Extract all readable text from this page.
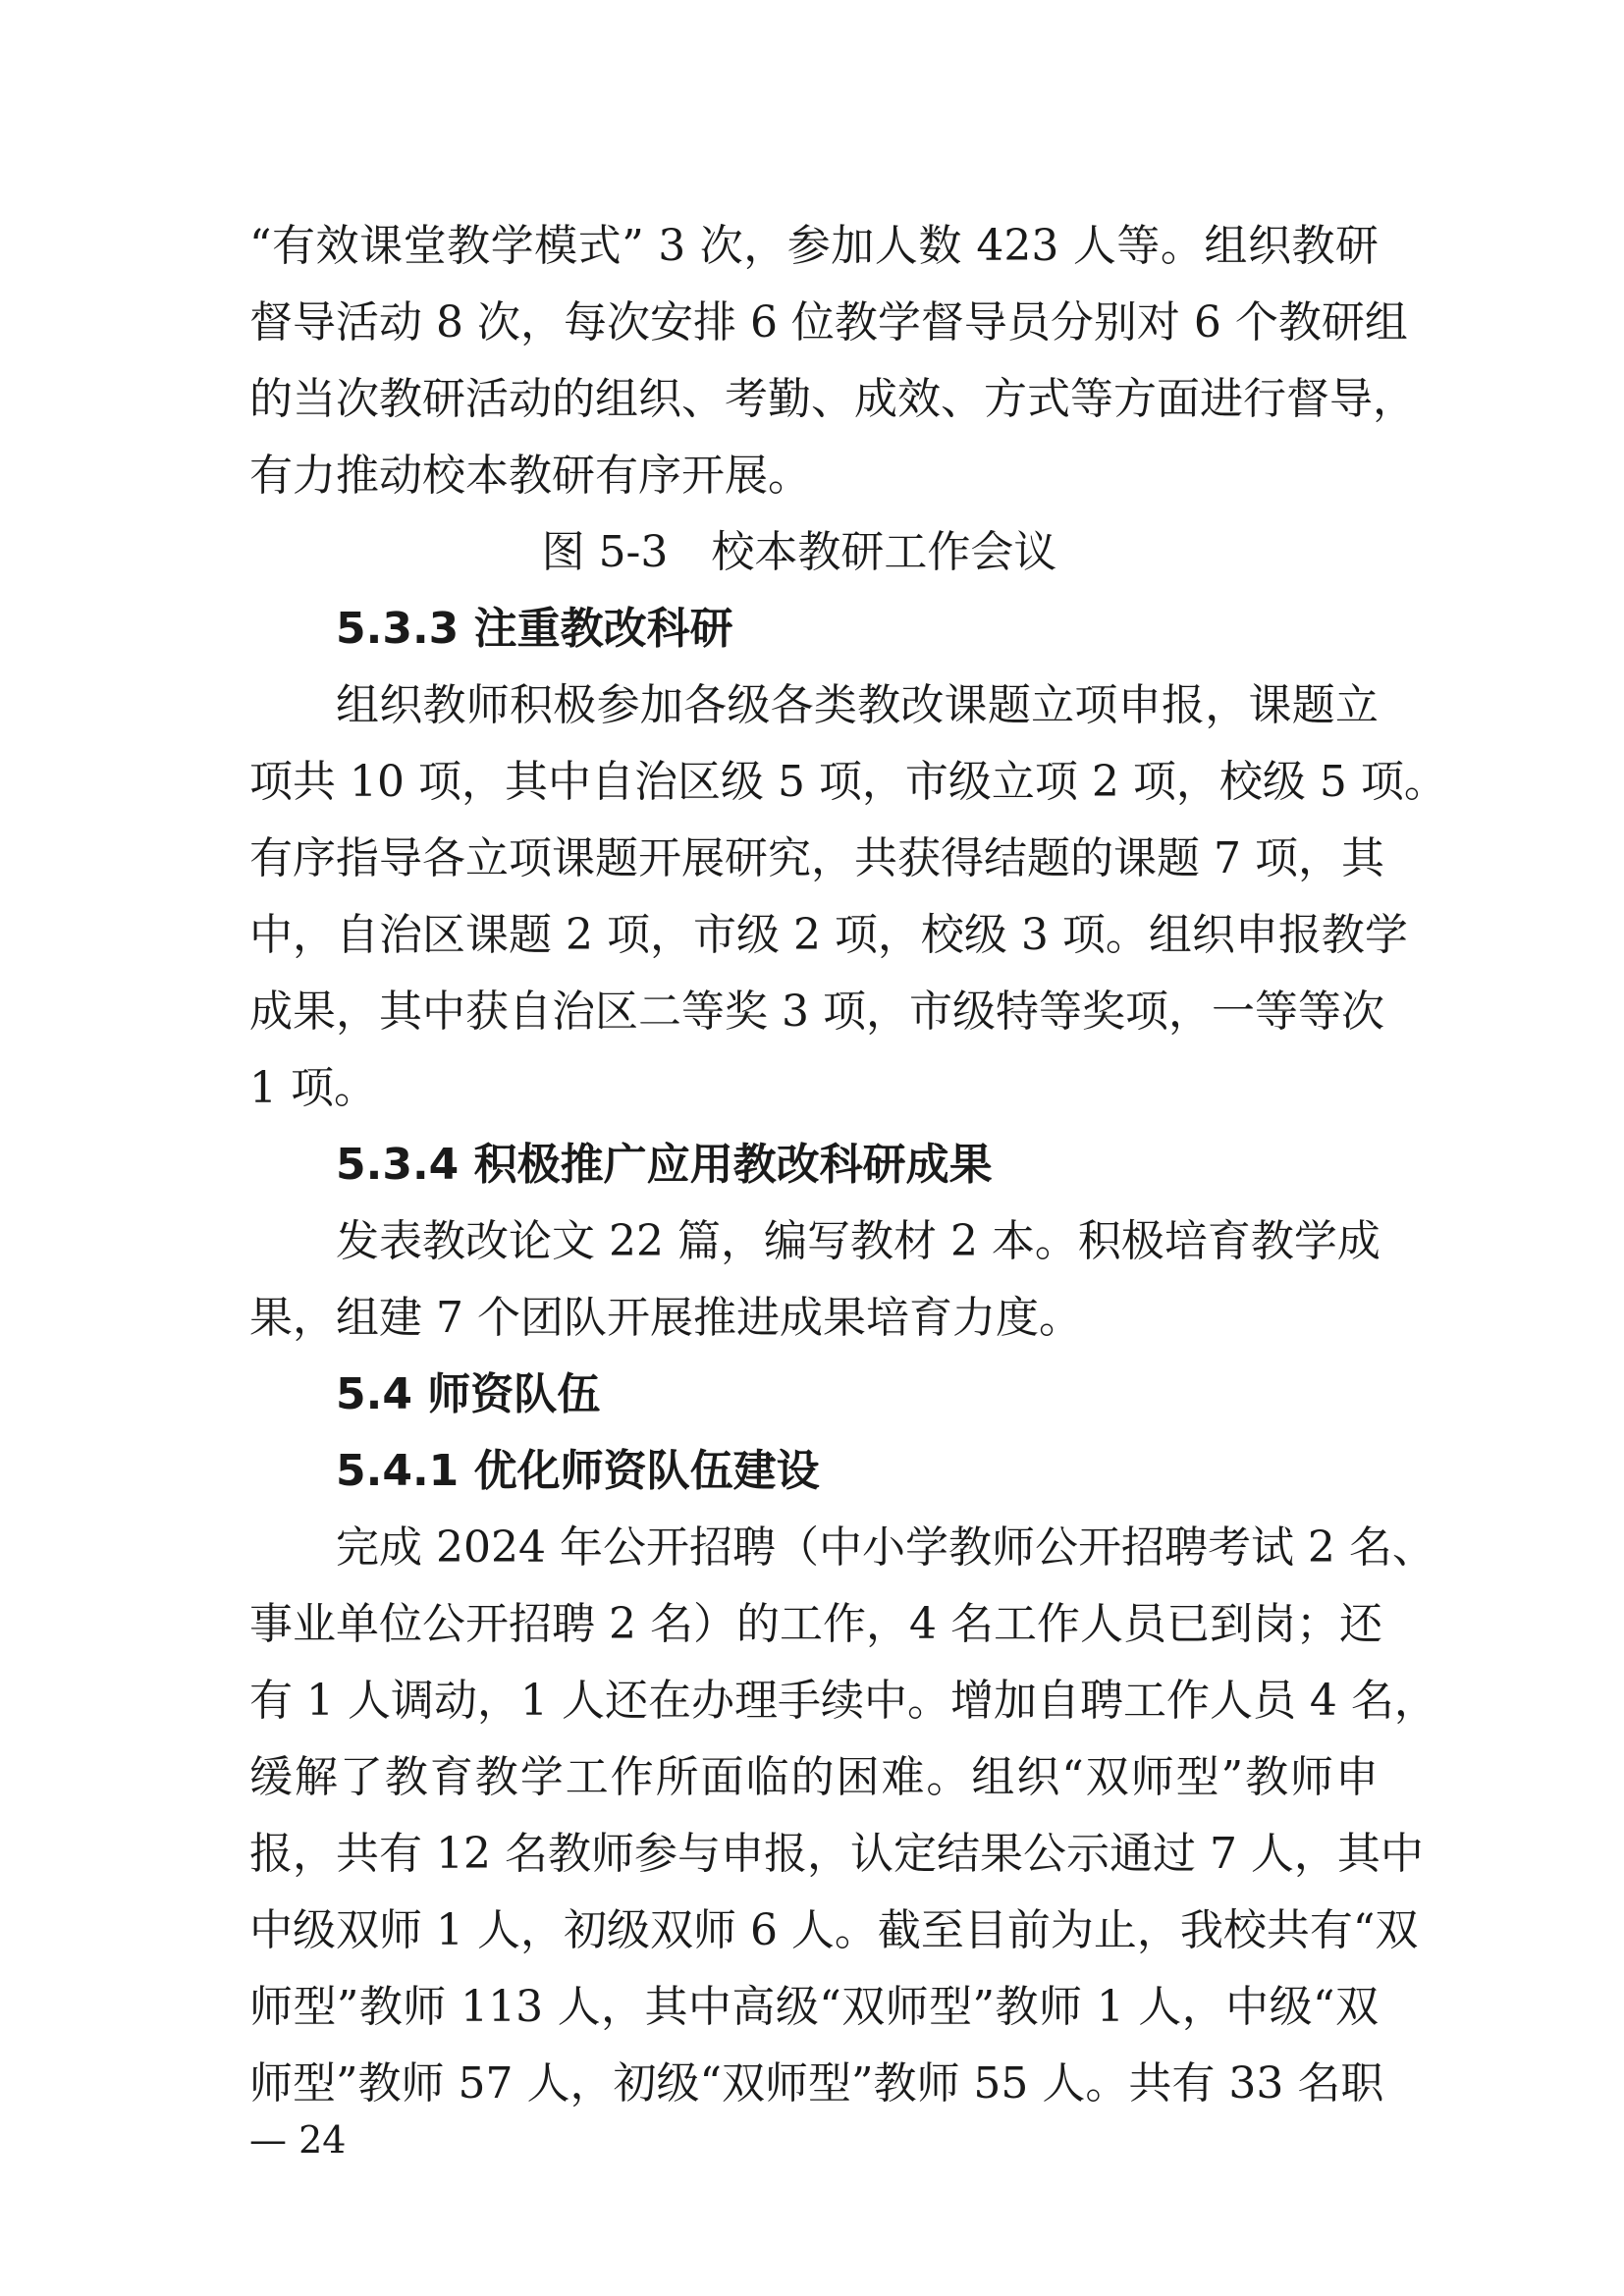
“有效课堂教学模式” 3 次，参加人数 423 人等。组织教研
督导活动 8 次，每次安排 6 位教学督导员分别对 6 个教研组
的当次教研活动的组织、考勤、成效、方式等方面进行督导，
有力推动校本教研有序开展。
图 5-3　校本教研工作会议
5.3.3 注重教改科研
组织教师积极参加各级各类教改课题立项申报，课题立
项共 10 项，其中自治区级 5 项，市级立项 2 项，校级 5 项。
有序指导各立项课题开展研究，共获得结题的课题 7 项，其
中，自治区课题 2 项，市级 2 项，校级 3 项。组织申报教学
成果，其中获自治区二等奖 3 项，市级特等奖项，一等等次
1 项。
5.3.4 积极推广应用教改科研成果
发表教改论文 22 篇，编写教材 2 本。积极培育教学成
果，组建 7 个团队开展推进成果培育力度。
5.4 师资队伍
5.4.1 优化师资队伍建设
完成 2024 年公开招聘（中小学教师公开招聘考试 2 名、
事业单位公开招聘 2 名）的工作，4 名工作人员已到岗；还
有 1 人调动，1 人还在办理手续中。增加自聘工作人员 4 名，
缓解了教育教学工作所面临的困难。组织“双师型”教师申
报，共有 12 名教师参与申报，认定结果公示通过 7 人，其中
中级双师 1 人，初级双师 6 人。截至目前为止，我校共有“双
师型”教师 113 人，其中高级“双师型”教师 1 人，中级“双
师型”教师 57 人，初级“双师型”教师 55 人。共有 33 名职
— 24
